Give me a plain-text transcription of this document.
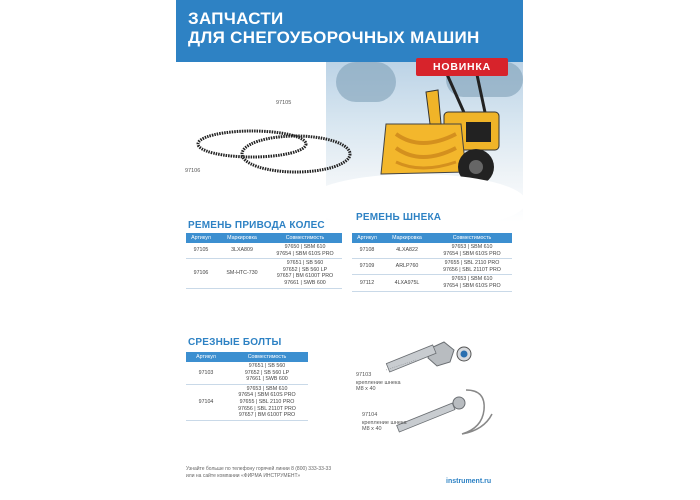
ЗАПЧАСТИ
ДЛЯ СНЕГОУБОРОЧНЫХ МАШИН
НОВИНКА
97105
97106
РЕМЕНЬ ПРИВОДА КОЛЕС
Артикул	Маркировка	Совместимость
97105	3LXA809	97650 | SBM 610
97654 | SBM 610S PRO

97106	SM-HTC-730	97651 | SB 560
97652 | SB 560 LP
97657 | BM 6100T PRO
97661 | SWB 600
РЕМЕНЬ ШНЕКА
Артикул	Маркировка	Совместимость
97108	4LXA822	97653 | SBM 610
97654 | SBM 610S PRO

97109	ARLP760	97655 | SBL 2110 PRO
97656 | SBL 2110T PRO

97112	4LXA975L	97653 | SBM 610
97654 | SBM 610S PRO
СРЕЗНЫЕ БОЛТЫ
Артикул	Совместимость
97103	97651 | SB 560
97652 | SB 560 LP
97661 | SWB 600

97104	97653 | SBM 610
97654 | SBM 610S PRO
97655 | SBL 2110 PRO
97656 | SBL 2110T PRO
97657 | BM 6100T PRO
97103
крепление шнека М8 х 40
97104
крепление шнека М8 х 40
Узнайте больше по телефону горячей линии 8 (800) 333-33-33
или на сайте компании «ФИРМА ИНСТРУМЕНТ»
instrument.ru
